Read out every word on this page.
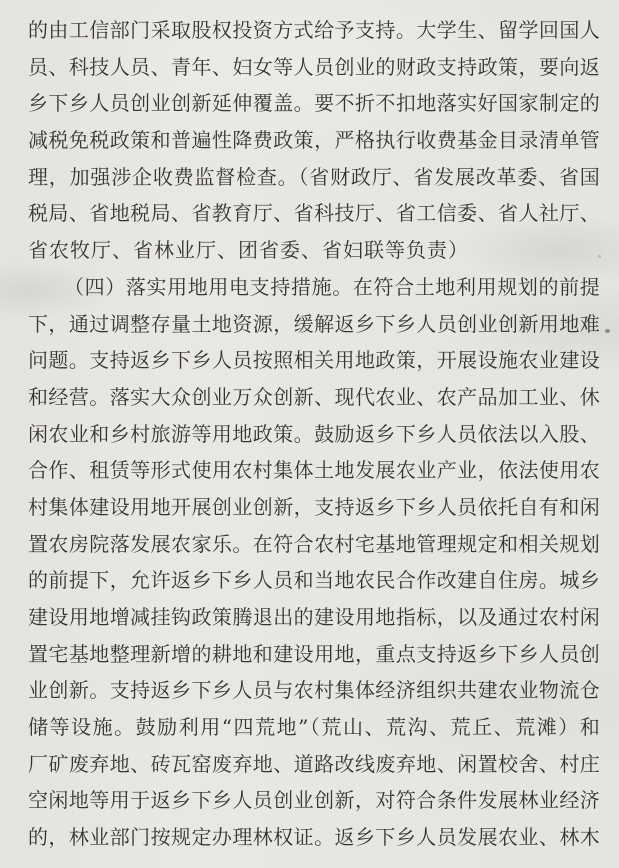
的由工信部门采取股权投资方式给予支持。大学生、留学回国人
员、科技人员、青年、妇女等人员创业的财政支持政策，要向返
乡下乡人员创业创新延伸覆盖。要不折不扣地落实好国家制定的
减税免税政策和普遍性降费政策，严格执行收费基金目录清单管
理，加强涉企收费监督检查。（省财政厅、省发展改革委、省国
税局、省地税局、省教育厅、省科技厅、省工信委、省人社厅、
省农牧厅、省林业厅、团省委、省妇联等负责）
（四）落实用地用电支持措施。在符合土地利用规划的前提
下，通过调整存量土地资源，缓解返乡下乡人员创业创新用地难
问题。支持返乡下乡人员按照相关用地政策，开展设施农业建设
和经营。落实大众创业万众创新、现代农业、农产品加工业、休
闲农业和乡村旅游等用地政策。鼓励返乡下乡人员依法以入股、
合作、租赁等形式使用农村集体土地发展农业产业，依法使用农
村集体建设用地开展创业创新，支持返乡下乡人员依托自有和闲
置农房院落发展农家乐。在符合农村宅基地管理规定和相关规划
的前提下，允许返乡下乡人员和当地农民合作改建自住房。城乡
建设用地增减挂钩政策腾退出的建设用地指标，以及通过农村闲
置宅基地整理新增的耕地和建设用地，重点支持返乡下乡人员创
业创新。支持返乡下乡人员与农村集体经济组织共建农业物流仓
储等设施。鼓励利用“四荒地”（荒山、荒沟、荒丘、荒滩）和
厂矿废弃地、砖瓦窑废弃地、道路改线废弃地、闲置校舍、村庄
空闲地等用于返乡下乡人员创业创新，对符合条件发展林业经济
的，林业部门按规定办理林权证。返乡下乡人员发展农业、林木
